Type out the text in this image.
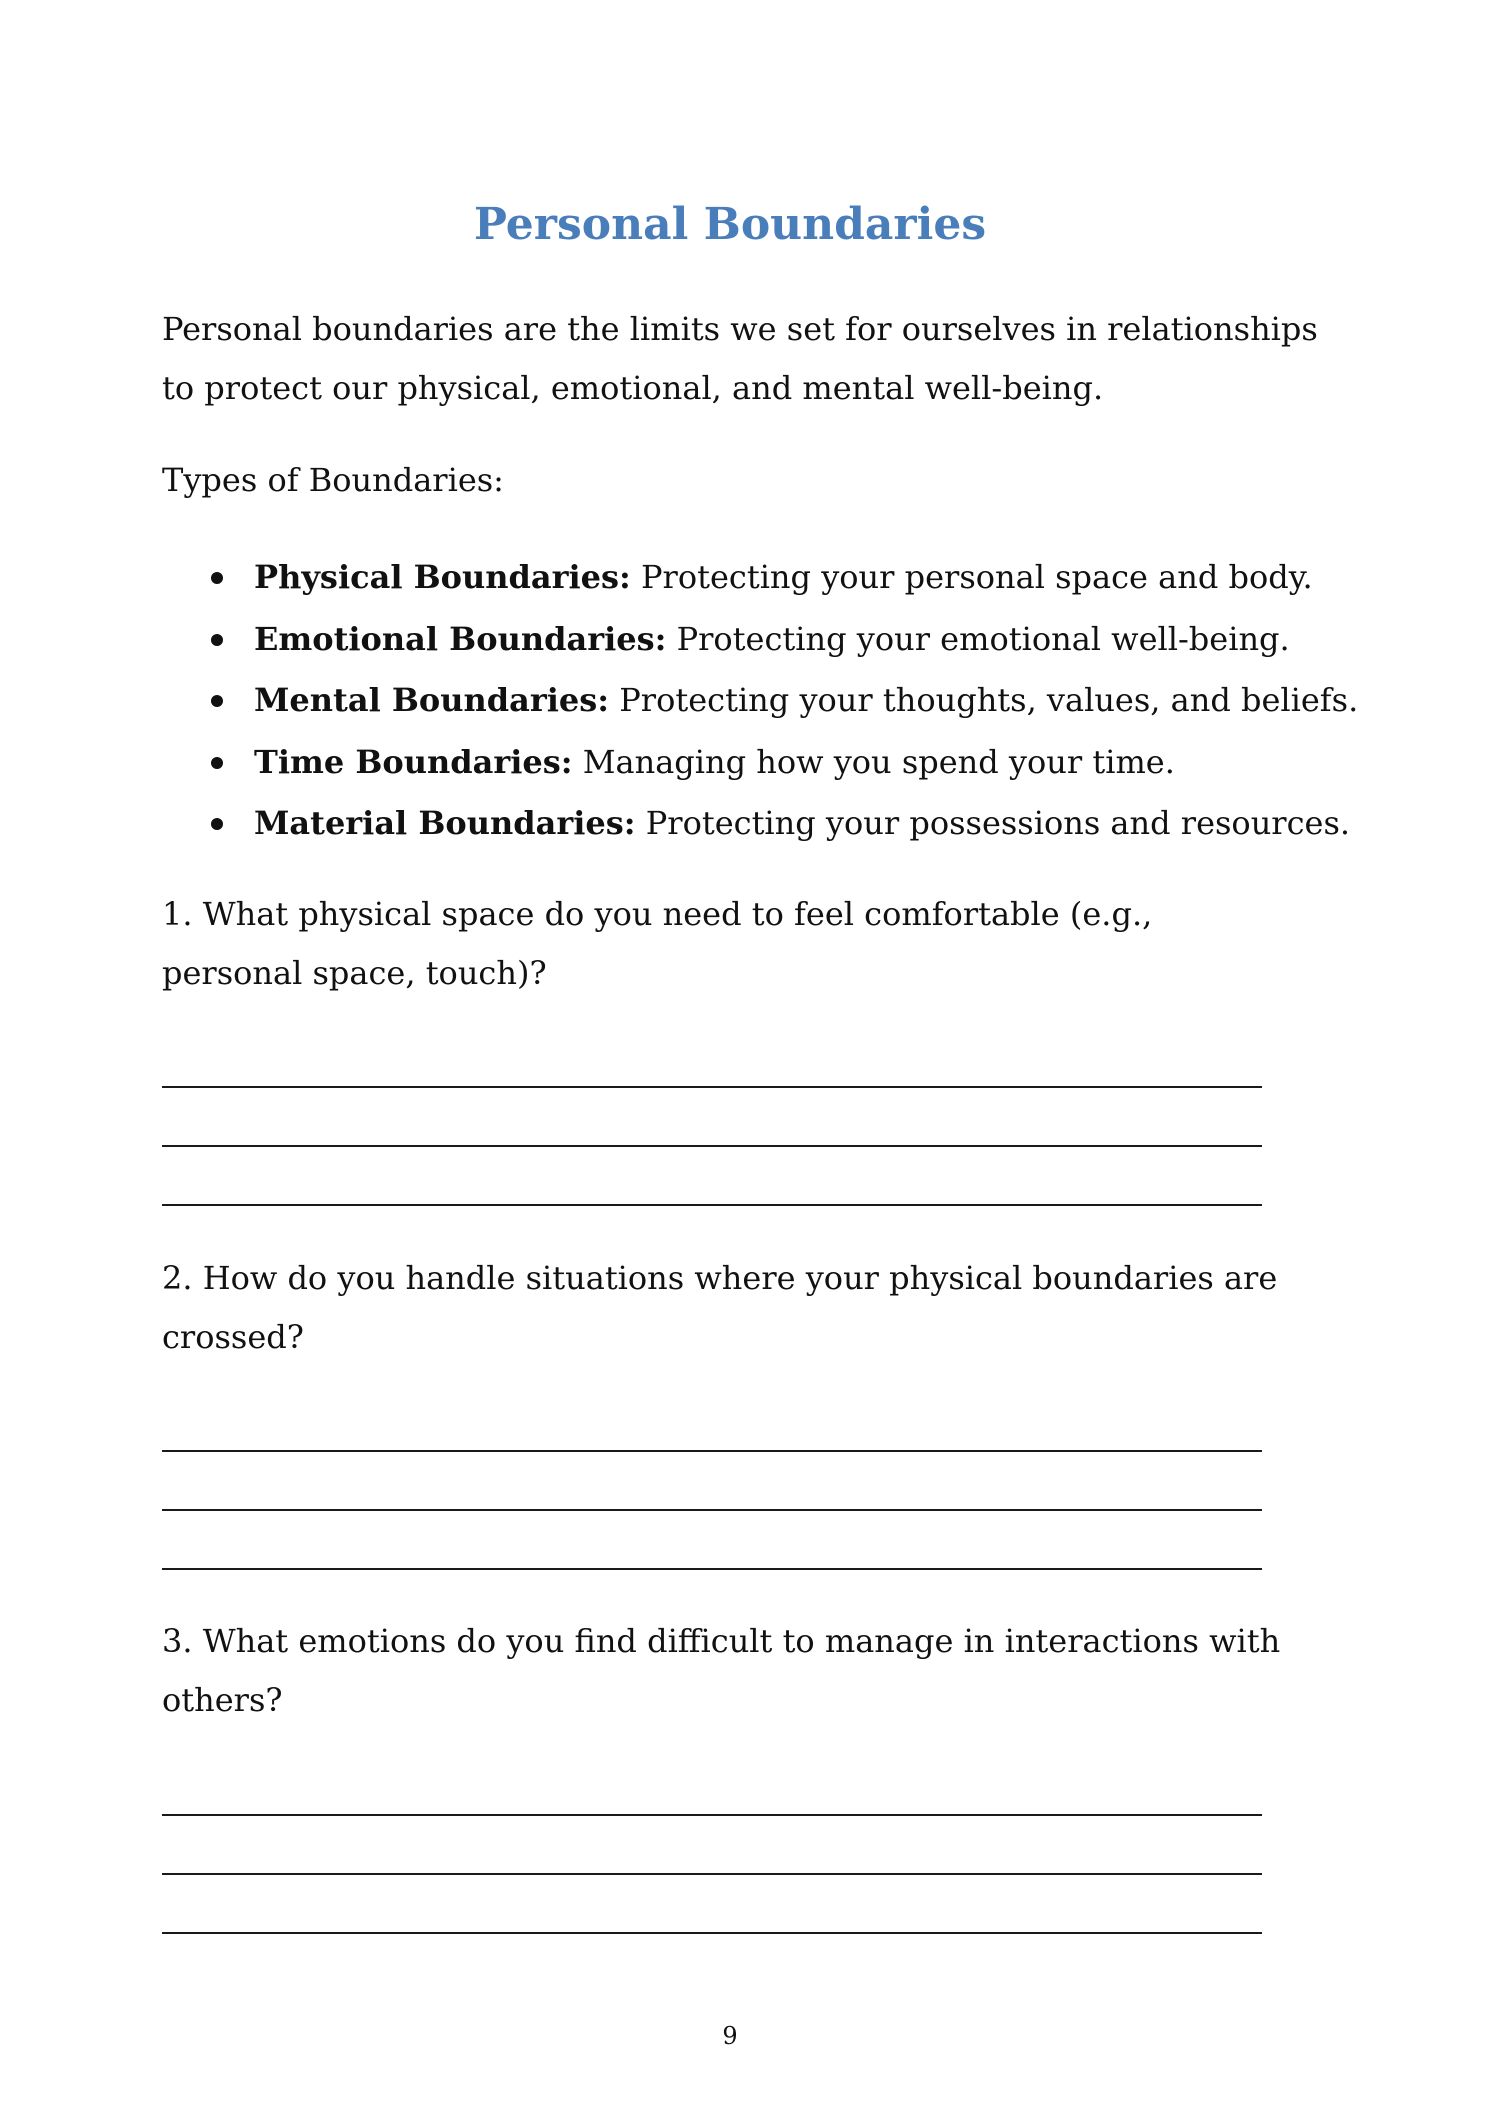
Personal Boundaries

Personal boundaries are the limits we set for ourselves in relationships to protect our physical, emotional, and mental well-being.

Types of Boundaries:

Physical Boundaries: Protecting your personal space and body.
Emotional Boundaries: Protecting your emotional well-being.
Mental Boundaries: Protecting your thoughts, values, and beliefs.
Time Boundaries: Managing how you spend your time.
Material Boundaries: Protecting your possessions and resources.

1. What physical space do you need to feel comfortable (e.g., personal space, touch)?

2. How do you handle situations where your physical boundaries are crossed?

3. What emotions do you find difficult to manage in interactions with others?

9
